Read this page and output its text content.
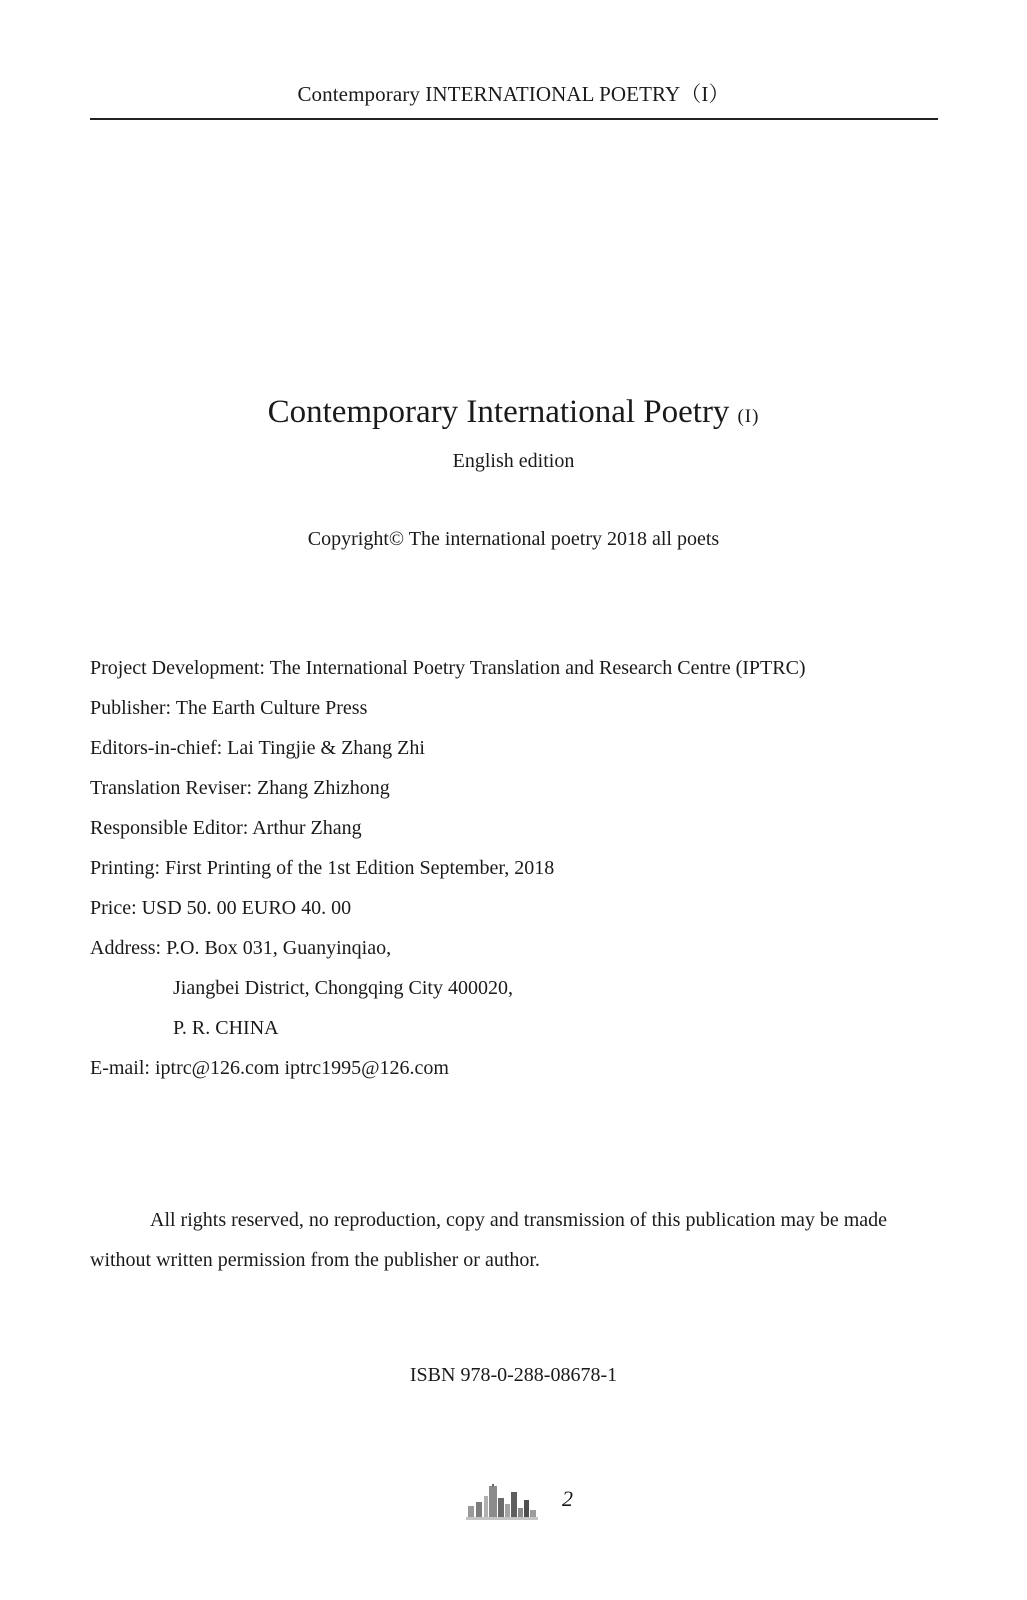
Contemporary INTERNATIONAL POETRY（I）
Contemporary International Poetry (I)
English edition
Copyright© The international poetry 2018 all poets
Project Development: The International Poetry Translation and Research Centre (IPTRC)
Publisher: The Earth Culture Press
Editors-in-chief: Lai Tingjie & Zhang Zhi
Translation Reviser: Zhang Zhizhong
Responsible Editor: Arthur Zhang
Printing: First Printing of the 1st Edition September, 2018
Price: USD 50. 00 EURO 40. 00
Address: P.O. Box 031, Guanyinqiao,
Jiangbei District, Chongqing City 400020,
P. R. CHINA
E-mail: iptrc@126.com iptrc1995@126.com
All rights reserved, no reproduction, copy and transmission of this publication may be made without written permission from the publisher or author.
ISBN 978-0-288-08678-1
2
